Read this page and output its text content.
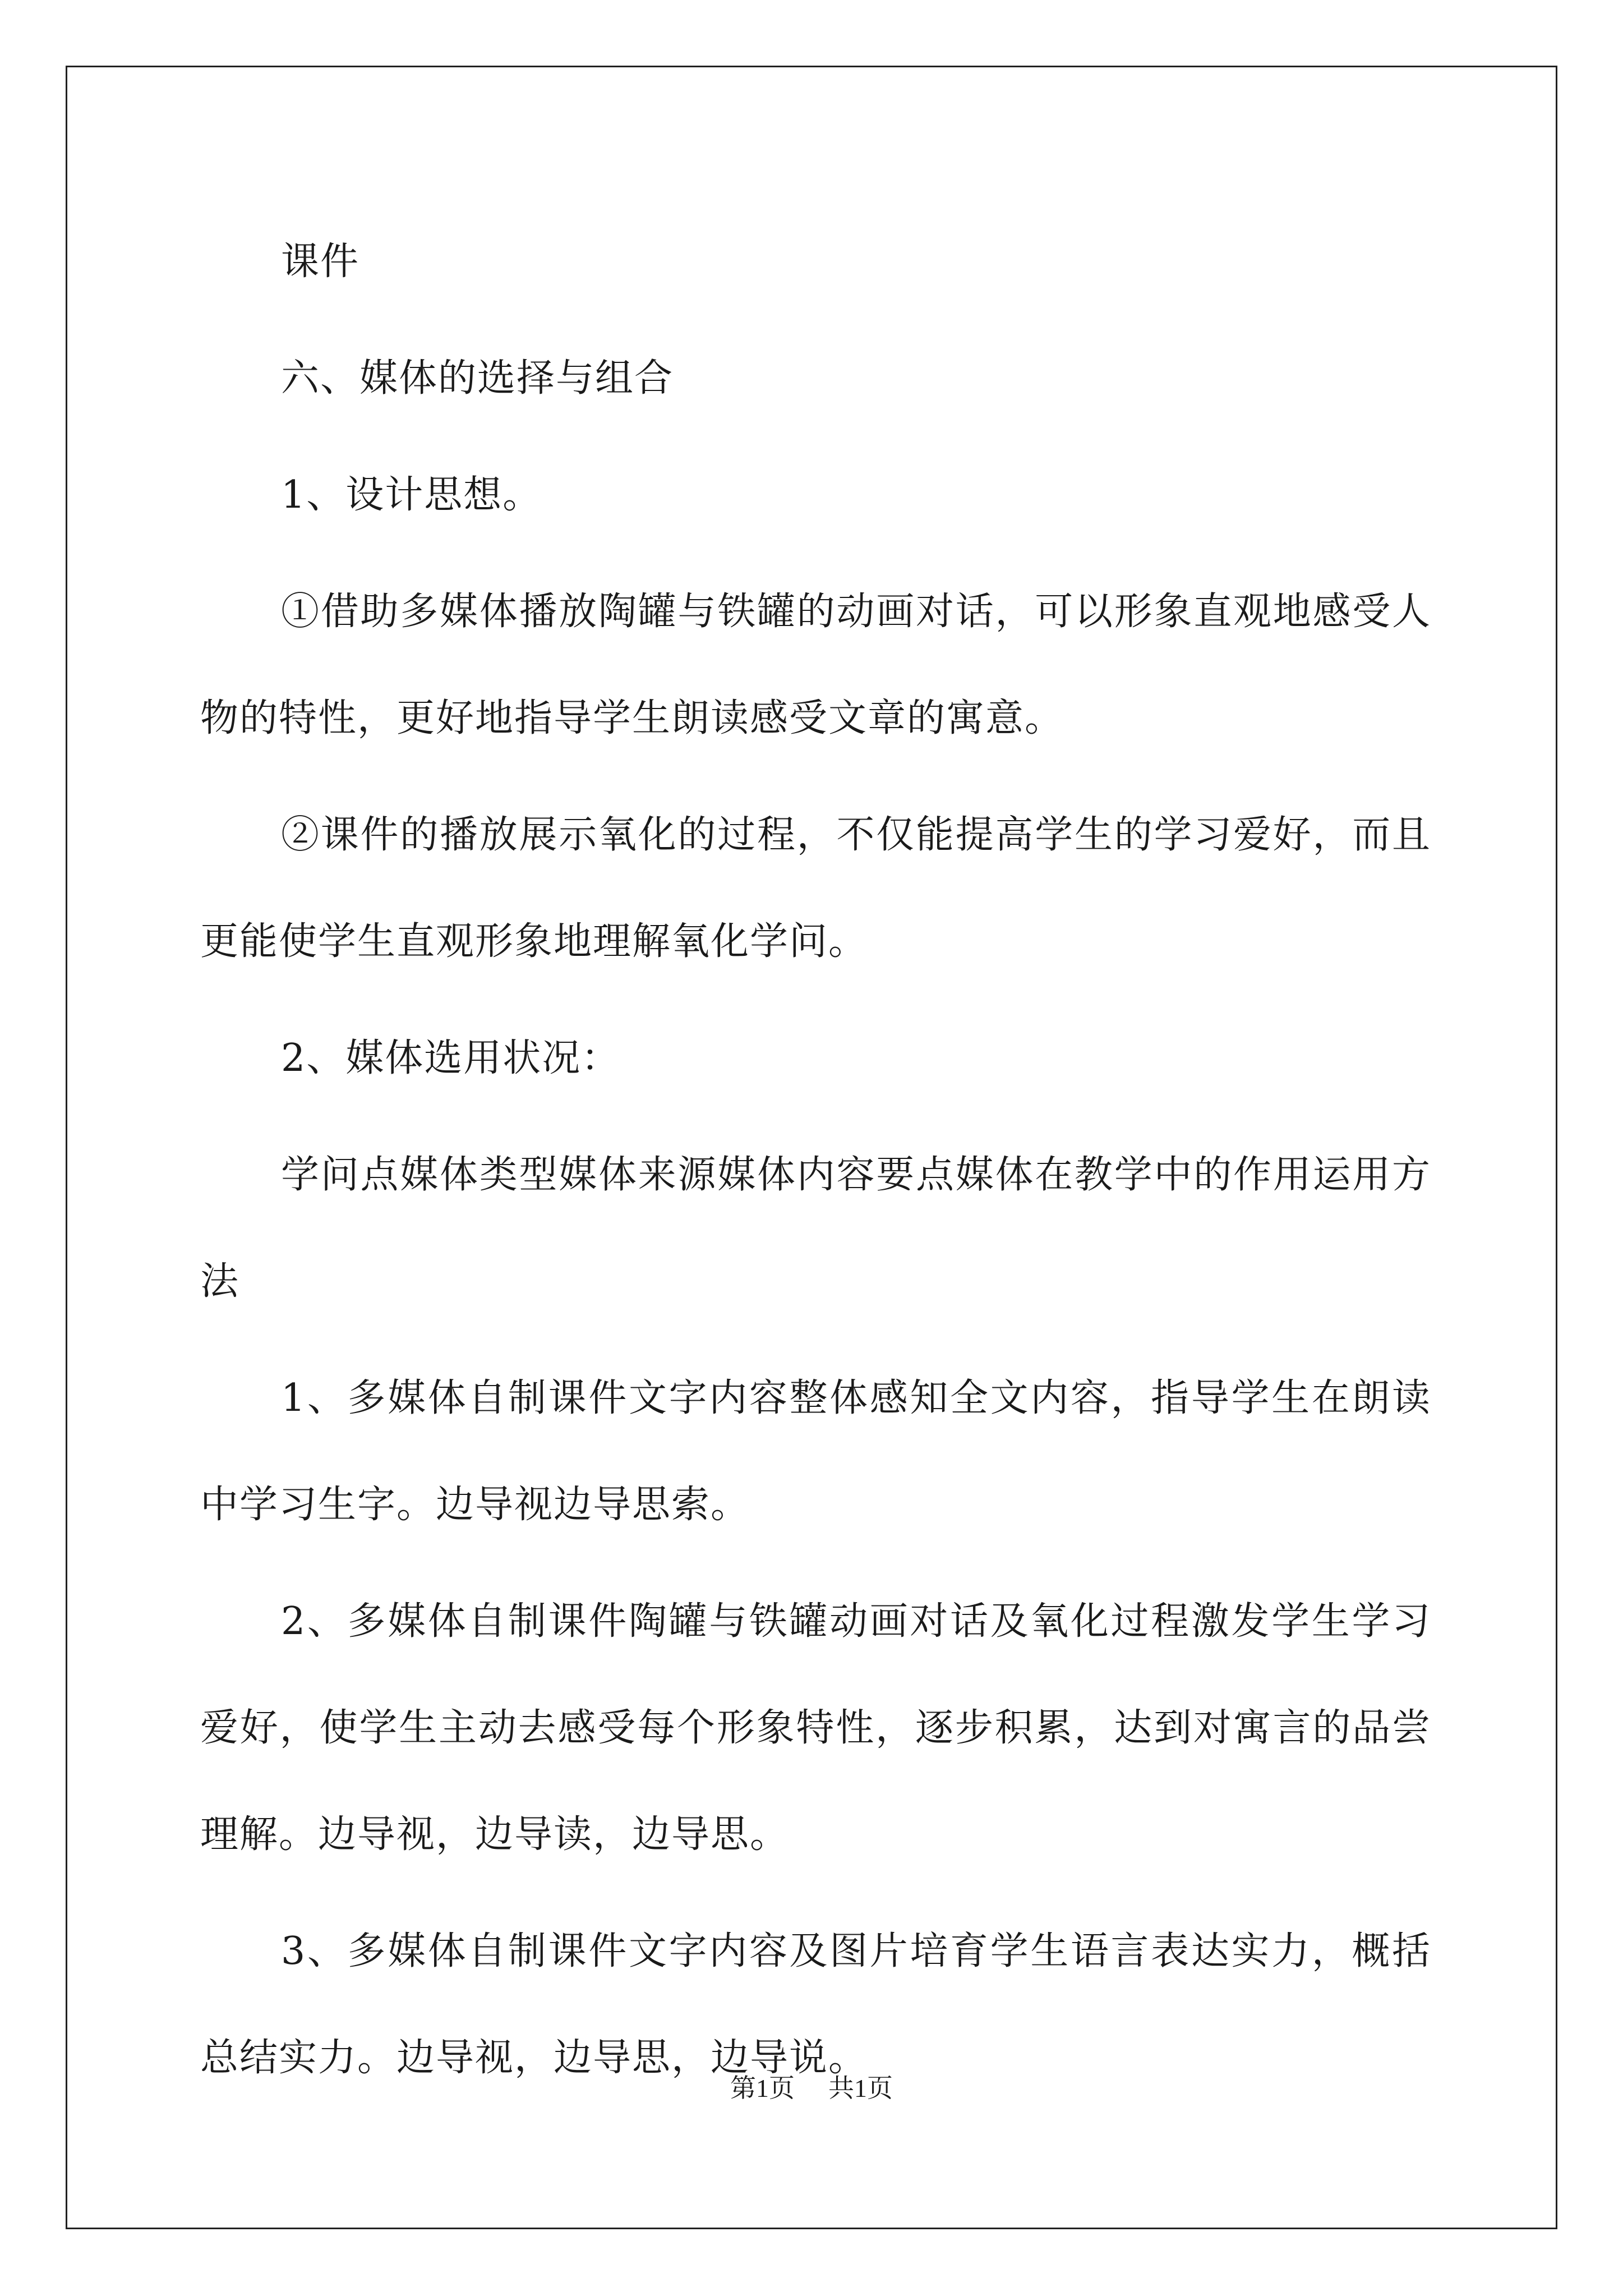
课件

六、媒体的选择与组合

1、设计思想。

①借助多媒体播放陶罐与铁罐的动画对话，可以形象直观地感受人物的特性，更好地指导学生朗读感受文章的寓意。

②课件的播放展示氧化的过程，不仅能提高学生的学习爱好，而且更能使学生直观形象地理解氧化学问。

2、媒体选用状况：

学问点媒体类型媒体来源媒体内容要点媒体在教学中的作用运用方法

1、多媒体自制课件文字内容整体感知全文内容，指导学生在朗读中学习生字。边导视边导思索。

2、多媒体自制课件陶罐与铁罐动画对话及氧化过程激发学生学习爱好，使学生主动去感受每个形象特性，逐步积累，达到对寓言的品尝理解。边导视，边导读，边导思。

3、多媒体自制课件文字内容及图片培育学生语言表达实力，概括总结实力。边导视，边导思，边导说。

第1页 共1页
